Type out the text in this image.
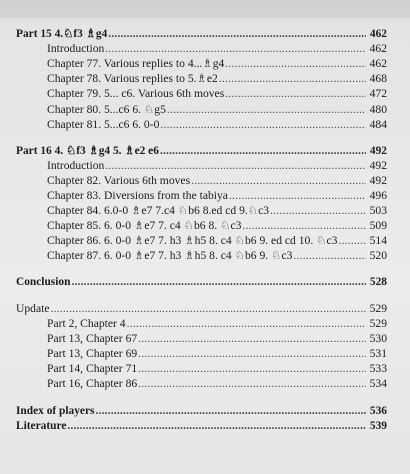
Part 15 4.♘f3 ♗g4 .....	462
Introduction .....	462
Chapter 77. Various replies to 4...♗g4 .....	462
Chapter 78. Various replies to 5.♗e2 .....	468
Chapter 79. 5... c6. Various 6th moves .....	472
Chapter 80. 5...c6 6. ♘g5 .....	480
Chapter 81. 5...c6 6. 0-0 .....	484
Part 16 4. ♘f3 ♗g4 5. ♗e2 e6 .....	492
Introduction .....	492
Chapter 82. Various 6th moves .....	492
Chapter 83. Diversions from the tabiya .....	496
Chapter 84. 6.0-0 ♗e7 7.c4 ♘b6 8.ed cd 9.♘c3 .....	503
Chapter 85. 6. 0-0 ♗e7 7. c4 ♘b6 8. ♘c3 .....	509
Chapter 86. 6. 0-0 ♗e7 7. h3 ♗h5 8. c4 ♘b6 9. ed cd 10. ♘c3 .....	514
Chapter 87. 6. 0-0 ♗e7 7. h3 ♗h5 8. c4 ♘b6 9. ♘c3 .....	520
Conclusion .....	528
Update .....	529
Part 2, Chapter 4 .....	529
Part 13, Chapter 67 .....	530
Part 13, Chapter 69 .....	531
Part 14, Chapter 71 .....	533
Part 16, Chapter 86 .....	534
Index of players .....	536
Literature .....	539
